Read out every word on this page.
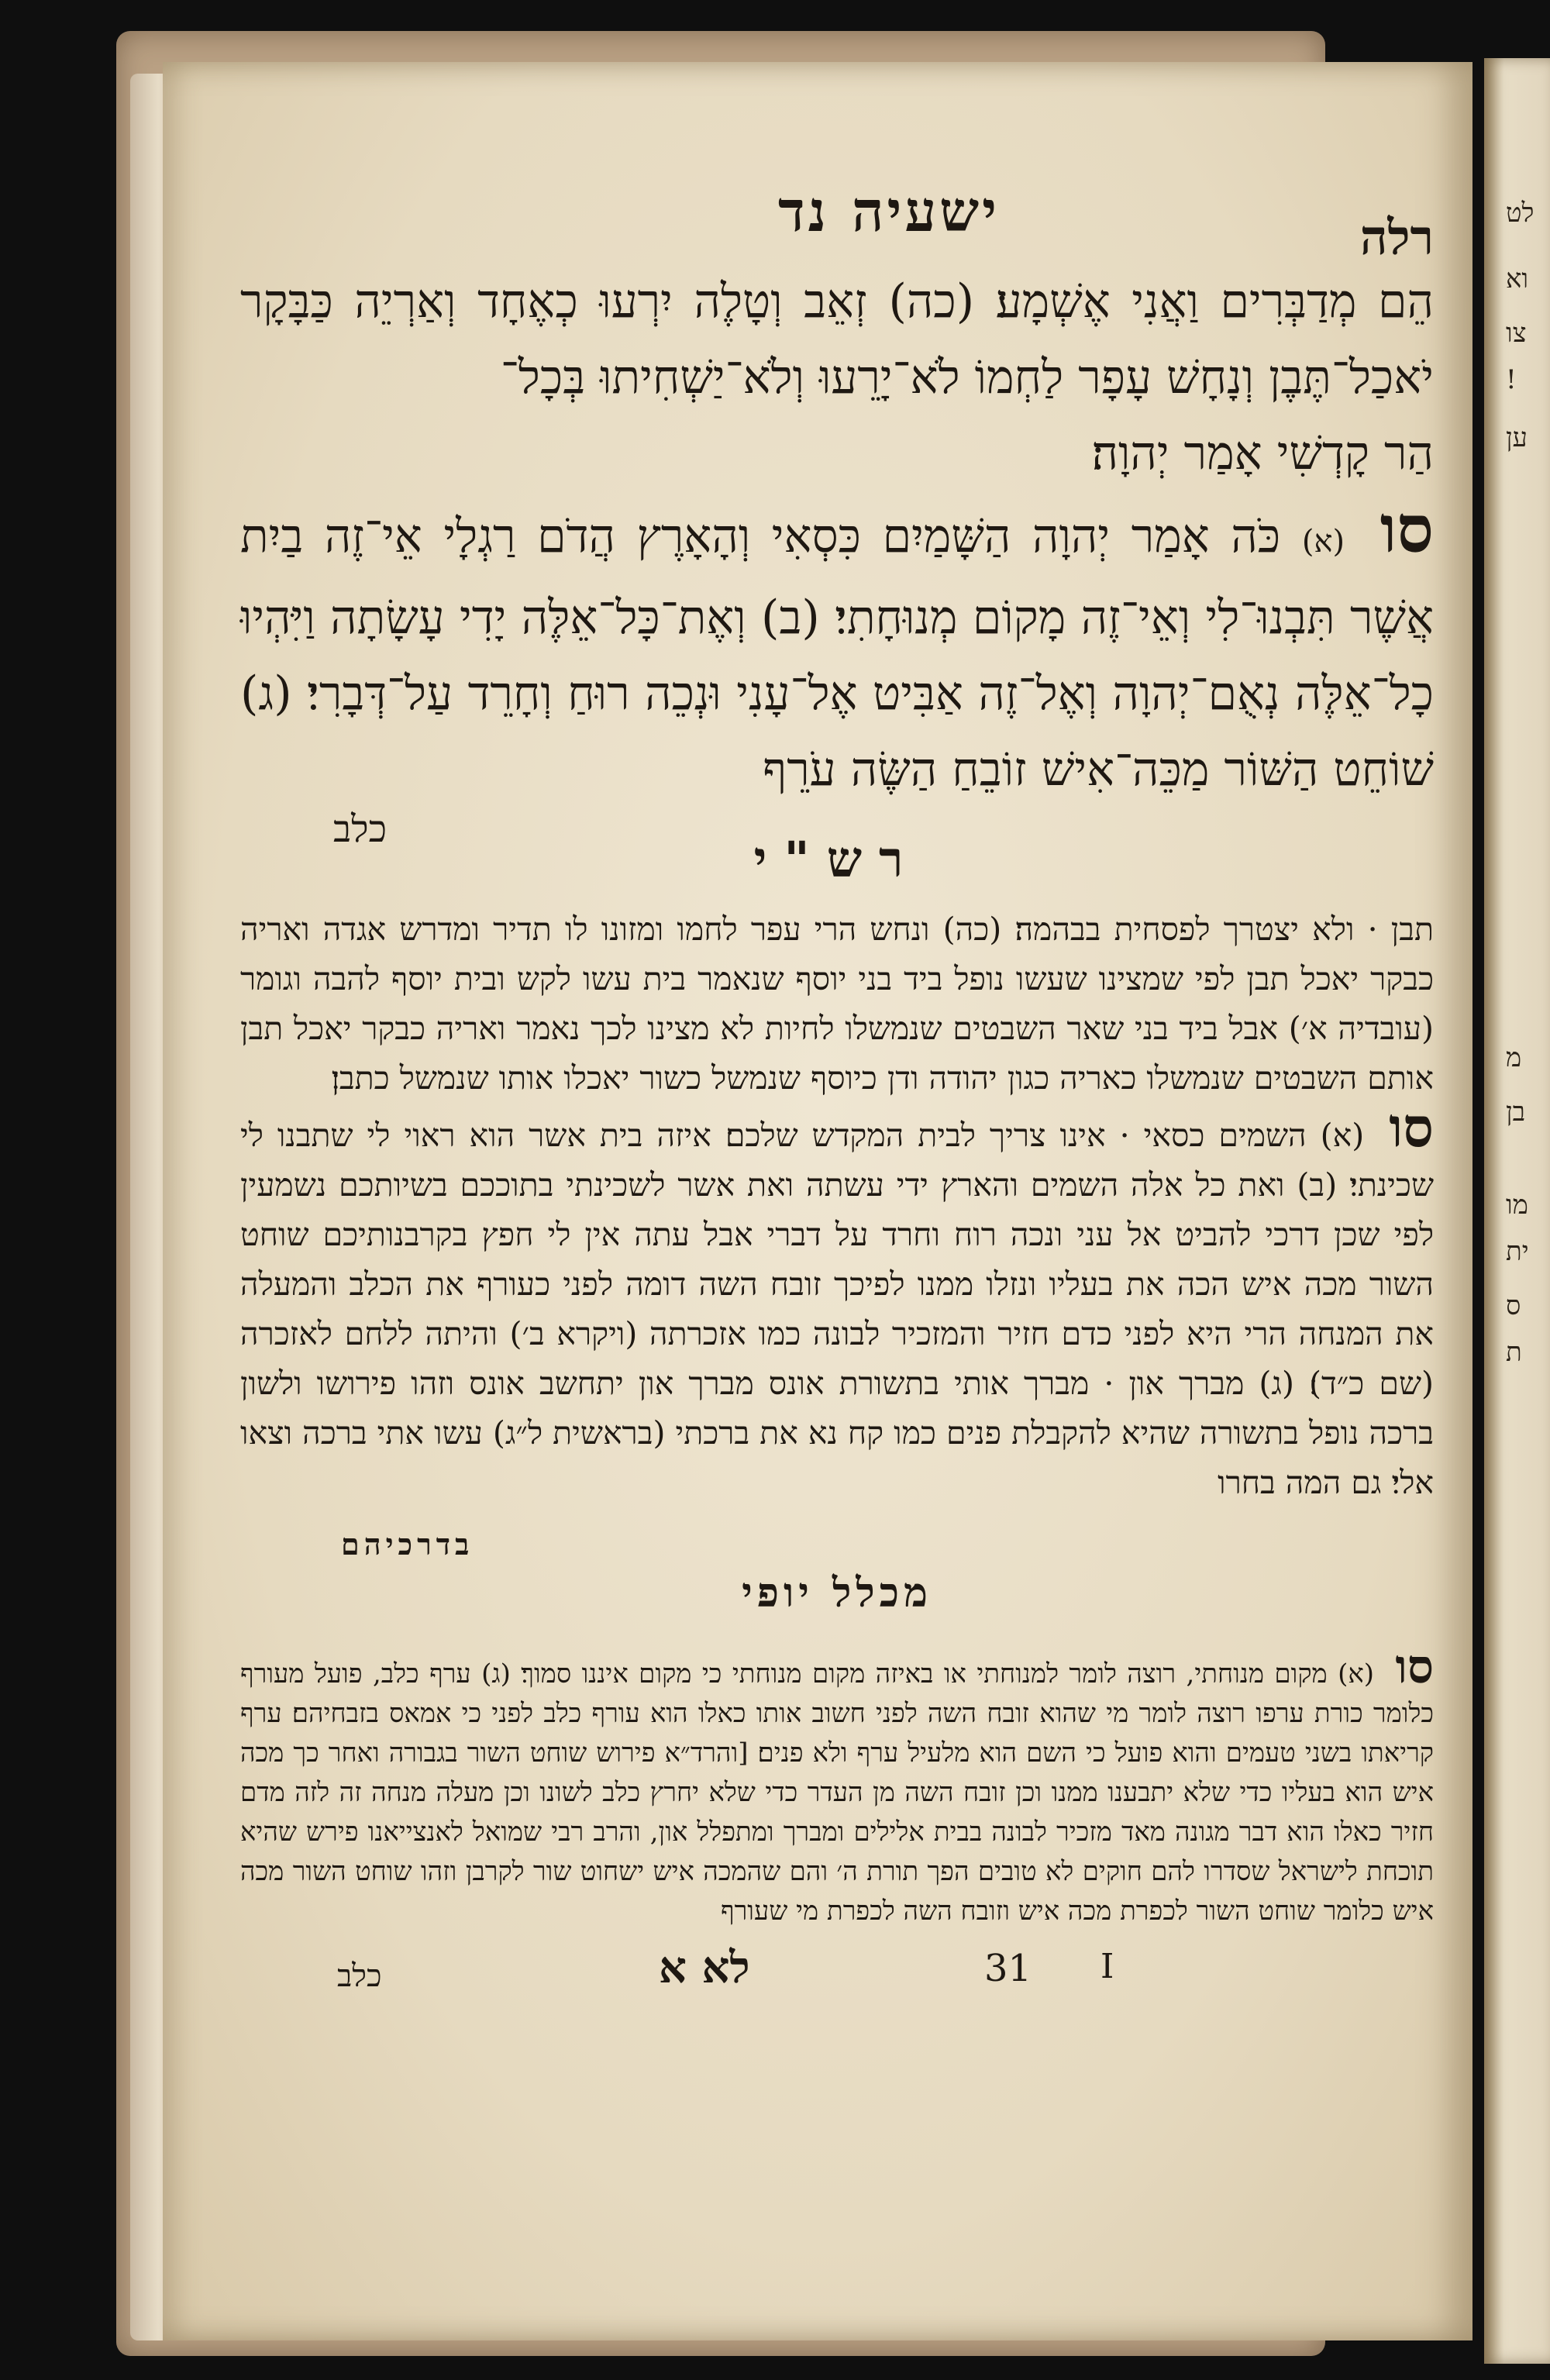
לט
וא
צו
!
ען
מ
בן
מו
ית
ס
ת
רלה
ישעיה נד
הֵם מְדַבְּרִים וַאֲנִי אֶשְׁמָע׃ (כה) זְאֵב וְטָלֶה יִרְעוּ כְאֶחָד וְאַרְיֵה כַּבָּקָר יֹאכַל־תֶּבֶן וְנָחָשׁ עָפָר לַחְמוֹ לֹא־יָרֵעוּ וְלֹא־יַשְׁחִיתוּ בְּכָל־
הַר קָדְשִׁי אָמַר יְהוָה׃
סו (א) כֹּה אָמַר יְהוָה הַשָּׁמַיִם כִּסְאִי וְהָאָרֶץ הֲדֹם רַגְלָי אֵי־זֶה בַיִת אֲשֶׁר תִּבְנוּ־לִי וְאֵי־זֶה מָקוֹם מְנוּחָתִי׃ (ב) וְאֶת־כָּל־אֵלֶּה יָדִי עָשָׂתָה וַיִּהְיוּ כָל־אֵלֶּה נְאֻם־יְהוָה וְאֶל־זֶה אַבִּיט אֶל־עָנִי וּנְכֵה רוּחַ וְחָרֵד עַל־דְּבָרִי׃ (ג) שׁוֹחֵט הַשּׁוֹר מַכֵּה־אִישׁ זוֹבֵחַ הַשֶּׂה עֹרֵף
כלב
רש"י
תבן · ולא יצטרך לפסחית בבהמה׃ (כה) ונחש הרי עפר לחמו ומזונו לו תדיר ומדרש אגדה ואריה כבקר יאכל תבן לפי שמצינו שעשו נופל ביד בני יוסף שנאמר בית עשו לקש ובית יוסף להבה וגומר (עובדיה א׳) אבל ביד בני שאר השבטים שנמשלו לחיות לא מצינו לכך נאמר ואריה כבקר יאכל תבן אותם השבטים שנמשלו כאריה כגון יהודה ודן כיוסף שנמשל כשור יאכלו אותו שנמשל כתבן׃
סו (א) השמים כסאי · אינו צריך לבית המקדש שלכם׃ איזה בית אשר הוא ראוי לי שתבנו לי שכינתי׃ (ב) ואת כל אלה השמים והארץ ידי עשתה ואת אשר לשכינתי בתוככם בשיותכם נשמעין לפי שכן דרכי להביט אל עני ונכה רוח וחרד על דברי אבל עתה אין לי חפץ בקרבנותיכם שוחט השור מכה איש הכה את בעליו ונזלו ממנו לפיכך זובח השה דומה לפני כעורף את הכלב והמעלה את המנחה הרי היא לפני כדם חזיר והמזכיר לבונה כמו אזכרתה (ויקרא ב׳) והיתה ללחם לאזכרה (שם כ״ד)׃ (ג) מברך און · מברך אותי בתשורת אונס מברך און יתחשב אונס וזהו פירושו ולשון ברכה נופל בתשורה שהיא להקבלת פנים כמו קח נא את ברכתי (בראשית ל״ג) עשו אתי ברכה וצאו אלי׃ גם המה בחרו
בדרכיהם
מכלל יופי
סו (א) מקום מנוחתי, רוצה לומר למנוחתי או באיזה מקום מנוחתי כי מקום איננו סמוך׃ (ג) ערף כלב, פועל מעורף כלומר כורת ערפו רוצה לומר מי שהוא זובח השה לפני חשוב אותו כאלו הוא עורף כלב לפני כי אמאס בזבחיהם׃ ערף קריאתו בשני טעמים והוא פועל כי השם הוא מלעיל ערף ולא פנים׃ [והרד״א פירוש שוחט השור בגבורה ואחר כך מכה איש הוא בעליו כדי שלא יתבענו ממנו וכן זובח השה מן העדר כדי שלא יחרץ כלב לשונו וכן מעלה מנחה זה לזה מדם חזיר כאלו הוא דבר מגונה מאד מזכיר לבונה בבית אלילים ומברך ומתפלל און, והרב רבי שמואל לאנצייאנו פירש שהיא תוכחת לישראל שסדרו להם חוקים לא טובים הפך תורת ה׳ והם שהמכה איש ישחוט שור לקרבן וזהו שוחט השור מכה איש כלומר שוחט השור לכפרת מכה איש וזובח השה לכפרת מי שעורף
כלב	לא א	31 I
